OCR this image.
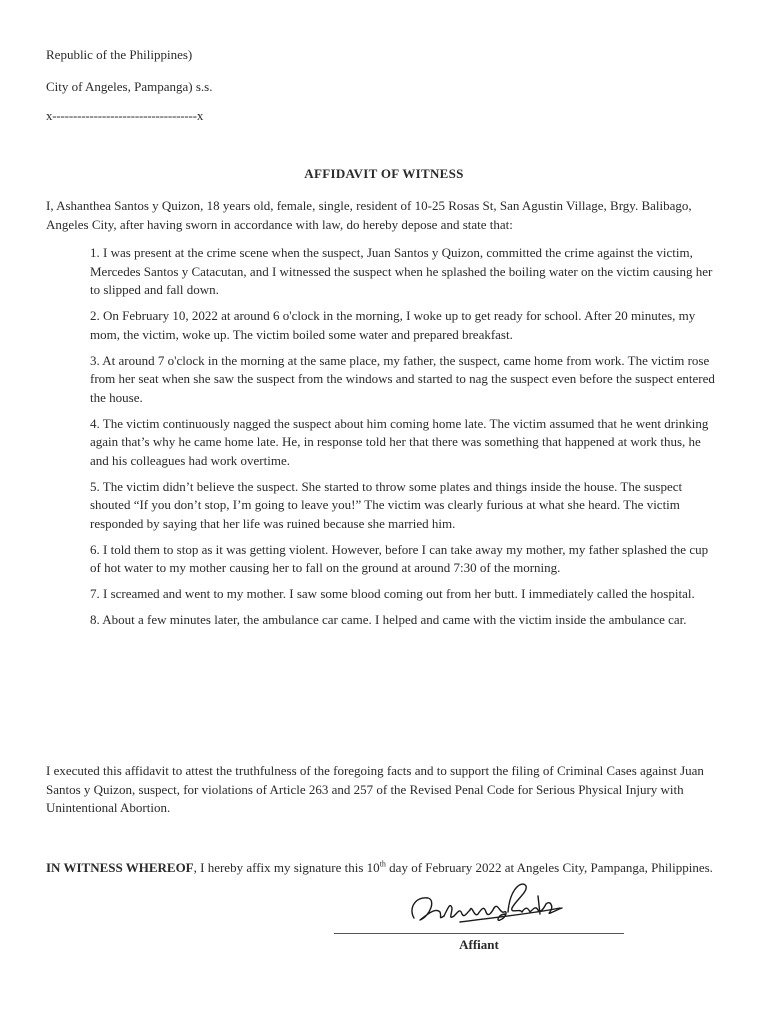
Republic of the Philippines)

City of Angeles, Pampanga) s.s.

x-----------------------------------x

AFFIDAVIT OF WITNESS

I, Ashanthea Santos y Quizon, 18 years old, female, single, resident of 10-25 Rosas St, San Agustin Village, Brgy. Balibago, Angeles City, after having sworn in accordance with law, do hereby depose and state that:

1. I was present at the crime scene when the suspect, Juan Santos y Quizon, committed the crime against the victim, Mercedes Santos y Catacutan, and I witnessed the suspect when he splashed the boiling water on the victim causing her to slipped and fall down.

2. On February 10, 2022 at around 6 o'clock in the morning, I woke up to get ready for school. After 20 minutes, my mom, the victim, woke up. The victim boiled some water and prepared breakfast.

3. At around 7 o'clock in the morning at the same place, my father, the suspect, came home from work. The victim rose from her seat when she saw the suspect from the windows and started to nag the suspect even before the suspect entered the house.

4. The victim continuously nagged the suspect about him coming home late. The victim assumed that he went drinking again that’s why he came home late. He, in response told her that there was something that happened at work thus, he and his colleagues had work overtime.

5. The victim didn’t believe the suspect. She started to throw some plates and things inside the house. The suspect shouted “If you don’t stop, I’m going to leave you!” The victim was clearly furious at what she heard. The victim responded by saying that her life was ruined because she married him.

6. I told them to stop as it was getting violent. However, before I can take away my mother, my father splashed the cup of hot water to my mother causing her to fall on the ground at around 7:30 of the morning.

7. I screamed and went to my mother. I saw some blood coming out from her butt. I immediately called the hospital.

8. About a few minutes later, the ambulance car came. I helped and came with the victim inside the ambulance car.

I executed this affidavit to attest the truthfulness of the foregoing facts and to support the filing of Criminal Cases against Juan Santos y Quizon, suspect, for violations of Article 263 and 257 of the Revised Penal Code for Serious Physical Injury with Unintentional Abortion.

IN WITNESS WHEREOF, I hereby affix my signature this 10th day of February 2022 at Angeles City, Pampanga, Philippines.

Affiant
